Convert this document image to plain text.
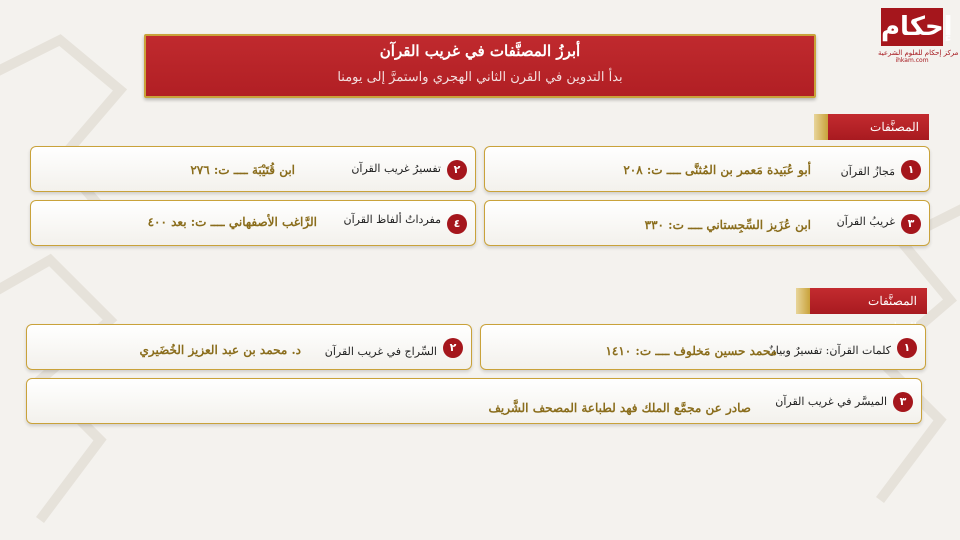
إحكام
مركز إحكام للعلوم الشرعية
ihkam.com
أبرزُ المصنَّفات في غريب القرآن
بدأ التدوين في القرن الثاني الهجري واستمرَّ إلى يومنا
المصنَّفات
المصنَّفات
١
مَجازُ القرآن
أبو عُبَيدة مَعمر بن المُثنَّى ــــ ت: ٢٠٨
٢
تفسيرُ غريب القرآن
ابن قُتَيْبَة ــــ ت: ٢٧٦
٣
غريبُ القرآن
ابن عُزَيز السِّجِستاني ــــ ت: ٣٣٠
٤
مفرداتُ ألفاظ القرآن
الرَّاغب الأصفهاني ــــ ت: بعد ٤٠٠
١
كلمات القرآن: تفسيرٌ وبيانٌ
محمد حسين مَخلوف ــــ ت: ١٤١٠
٢
السِّراج في غريب القرآن
د. محمد بن عبد العزيز الخُضَيري
٣
الميسَّر في غريب القرآن
صادر عن مجمَّع الملك فهد لطباعة المصحف الشَّريف
